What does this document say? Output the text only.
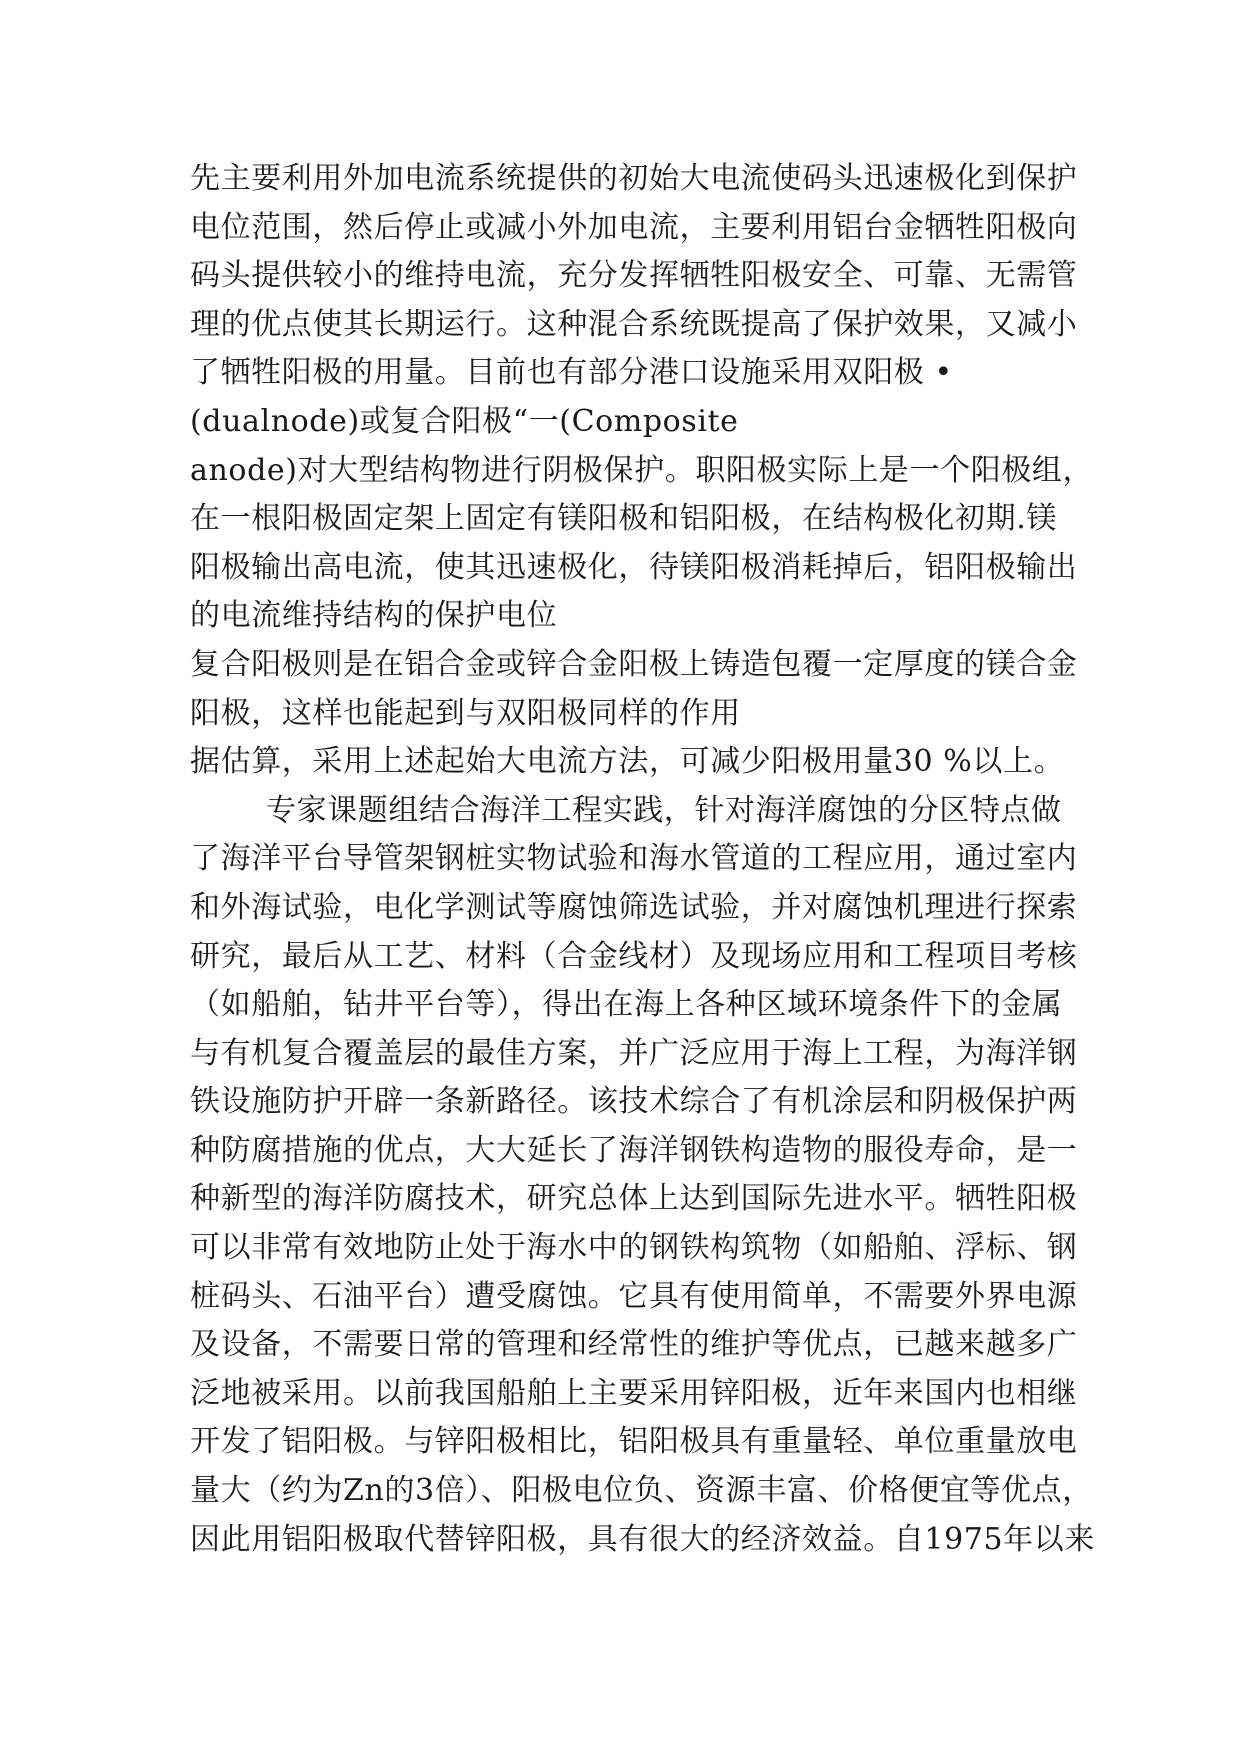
先主要利用外加电流系统提供的初始大电流使码头迅速极化到保护
电位范围，然后停止或减小外加电流，主要利用铝台金牺牲阳极向
码头提供较小的维持电流，充分发挥牺牲阳极安全、可靠、无需管
理的优点使其长期运行。这种混合系统既提高了保护效果，又减小
了牺牲阳极的用量。目前也有部分港口设施采用双阳极 •
(dualnode)或复合阳极“一(Composite
anode)对大型结构物进行阴极保护。职阳极实际上是一个阳极组，
在一根阳极固定架上固定有镁阳极和铝阳极，在结构极化初期.镁
阳极输出高电流，使其迅速极化，待镁阳极消耗掉后，铝阳极输出
的电流维持结构的保护电位
复合阳极则是在铝合金或锌合金阳极上铸造包覆一定厚度的镁合金
阳极，这样也能起到与双阳极同样的作用
据估算，采用上述起始大电流方法，可减少阳极用量30 %以上。
专家课题组结合海洋工程实践，针对海洋腐蚀的分区特点做
了海洋平台导管架钢桩实物试验和海水管道的工程应用，通过室内
和外海试验，电化学测试等腐蚀筛选试验，并对腐蚀机理进行探索
研究，最后从工艺、材料（合金线材）及现场应用和工程项目考核
（如船舶，钻井平台等），得出在海上各种区域环境条件下的金属
与有机复合覆盖层的最佳方案，并广泛应用于海上工程，为海洋钢
铁设施防护开辟一条新路径。该技术综合了有机涂层和阴极保护两
种防腐措施的优点，大大延长了海洋钢铁构造物的服役寿命，是一
种新型的海洋防腐技术，研究总体上达到国际先进水平。牺牲阳极
可以非常有效地防止处于海水中的钢铁构筑物（如船舶、浮标、钢
桩码头、石油平台）遭受腐蚀。它具有使用简单，不需要外界电源
及设备，不需要日常的管理和经常性的维护等优点，已越来越多广
泛地被采用。以前我国船舶上主要采用锌阳极，近年来国内也相继
开发了铝阳极。与锌阳极相比，铝阳极具有重量轻、单位重量放电
量大（约为Zn的3倍）、阳极电位负、资源丰富、价格便宜等优点，
因此用铝阳极取代替锌阳极，具有很大的经济效益。自1975年以来
